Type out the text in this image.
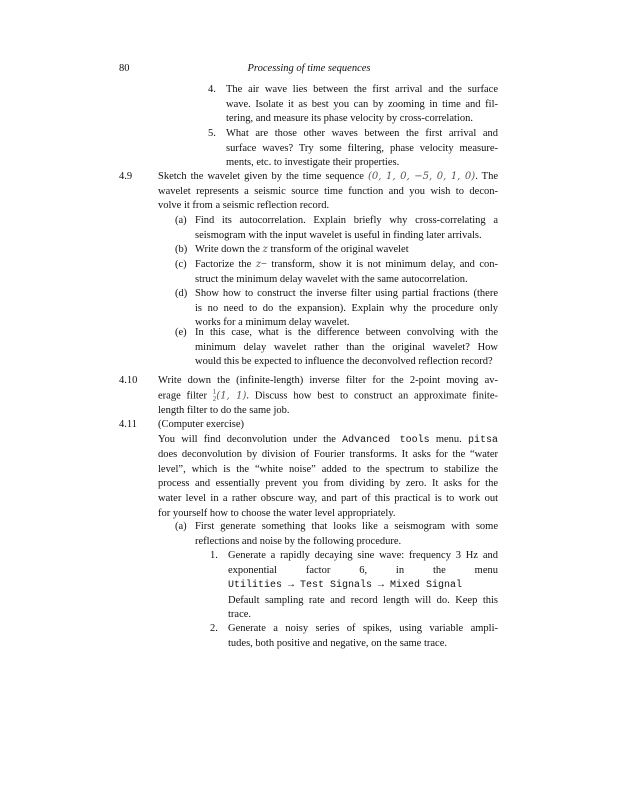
80	Processing of time sequences
4. The air wave lies between the first arrival and the surface
wave. Isolate it as best you can by zooming in time and fil-
tering, and measure its phase velocity by cross-correlation.
5. What are those other waves between the first arrival and
surface waves? Try some filtering, phase velocity measure-
ments, etc. to investigate their properties.
4.9 Sketch the wavelet given by the time sequence (0, 1, 0, −5, 0, 1, 0). The
wavelet represents a seismic source time function and you wish to decon-
volve it from a seismic reflection record.
(a) Find its autocorrelation. Explain briefly why cross-correlating a
seismogram with the input wavelet is useful in finding later arrivals.
(b) Write down the z transform of the original wavelet
(c) Factorize the z− transform, show it is not minimum delay, and con-
struct the minimum delay wavelet with the same autocorrelation.
(d) Show how to construct the inverse filter using partial fractions (there
is no need to do the expansion). Explain why the procedure only
works for a minimum delay wavelet.
(e) In this case, what is the difference between convolving with the
minimum delay wavelet rather than the original wavelet? How
would this be expected to influence the deconvolved reflection record?
4.10 Write down the (infinite-length) inverse filter for the 2-point moving av-
erage filter 1
2(1, 1). Discuss how best to construct an approximate finite-
length filter to do the same job.
4.11 (Computer exercise)
You will find deconvolution under the Advanced tools menu. pitsa
does deconvolution by division of Fourier transforms. It asks for the “water
level”, which is the “white noise” added to the spectrum to stabilize the
process and essentially prevent you from dividing by zero. It asks for the
water level in a rather obscure way, and part of this practical is to work out
for yourself how to choose the water level appropriately.
(a) First generate something that looks like a seismogram with some
reflections and noise by the following procedure.
1. Generate a rapidly decaying sine wave: frequency 3 Hz and
exponential factor 6, in the menu Utilities → Test Signals → Mixed Signal
Default sampling rate and record length will do. Keep this
trace.
2. Generate a noisy series of spikes, using variable ampli-
tudes, both positive and negative, on the same trace.
